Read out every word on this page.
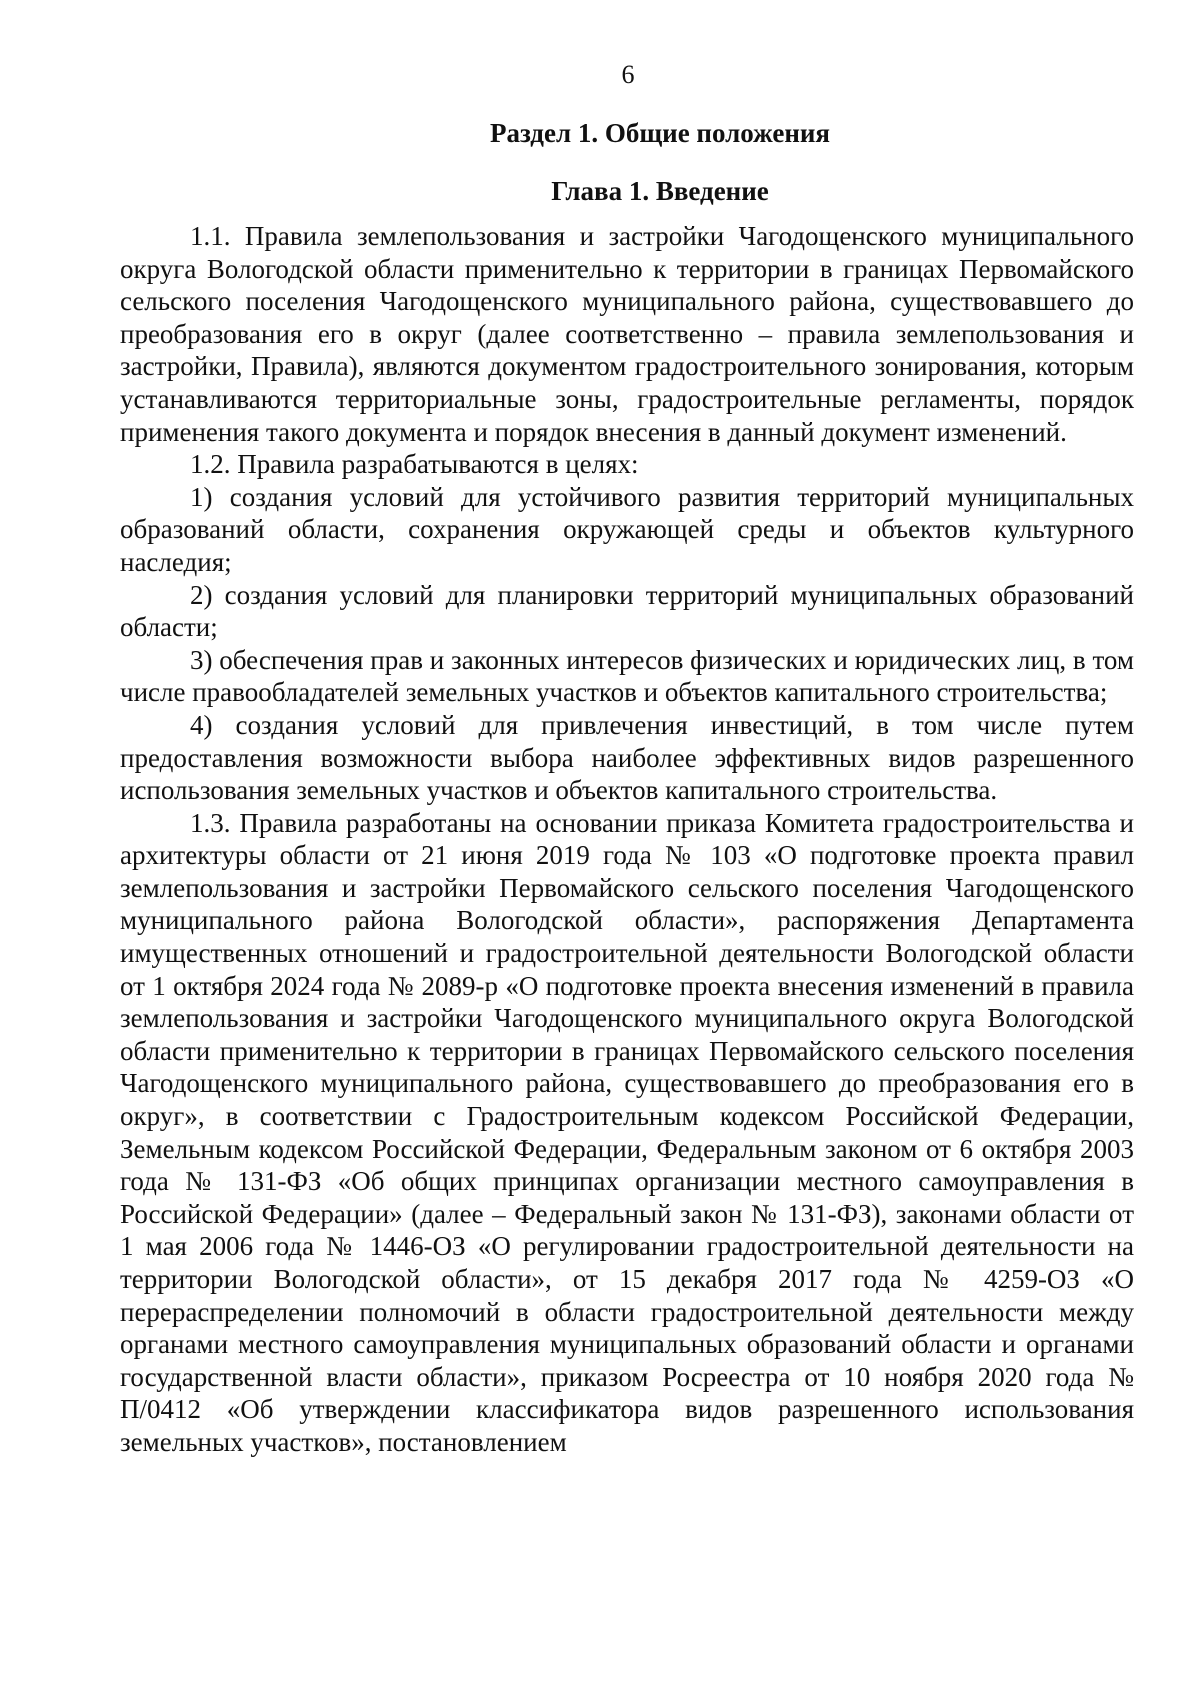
6
Раздел 1. Общие положения
Глава 1. Введение

1.1. Правила землепользования и застройки Чагодощенского муниципального округа Вологодской области применительно к территории в границах Первомайского сельского поселения Чагодощенского муниципального района, существовавшего до преобразования его в округ (далее соответственно – правила землепользования и застройки, Правила), являются документом градостроительного зонирования, которым устанавливаются территориальные зоны, градостроительные регламенты, порядок применения такого документа и порядок внесения в данный документ изменений.

1.2. Правила разрабатываются в целях:

1) создания условий для устойчивого развития территорий муниципальных образований области, сохранения окружающей среды и объектов культурного наследия;

2) создания условий для планировки территорий муниципальных образований области;

3) обеспечения прав и законных интересов физических и юридических лиц, в том числе правообладателей земельных участков и объектов капитального строительства;

4) создания условий для привлечения инвестиций, в том числе путем предоставления возможности выбора наиболее эффективных видов разрешенного использования земельных участков и объектов капитального строительства.

1.3. Правила разработаны на основании приказа Комитета градостроительства и архитектуры области от 21 июня 2019 года № 103 «О подготовке проекта правил землепользования и застройки Первомайского сельского поселения Чагодощенского муниципального района Вологодской области», распоряжения Департамента имущественных отношений и градостроительной деятельности Вологодской области от 1 октября 2024 года № 2089-р «О подготовке проекта внесения изменений в правила землепользования и застройки Чагодощенского муниципального округа Вологодской области применительно к территории в границах Первомайского сельского поселения Чагодощенского муниципального района, существовавшего до преобразования его в округ», в соответствии с Градостроительным кодексом Российской Федерации, Земельным кодексом Российской Федерации, Федеральным законом от 6 октября 2003 года № 131-ФЗ «Об общих принципах организации местного самоуправления в Российской Федерации» (далее – Федеральный закон № 131-ФЗ), законами области от 1 мая 2006 года № 1446-ОЗ «О регулировании градостроительной деятельности на территории Вологодской области», от 15 декабря 2017 года № 4259-ОЗ «О перераспределении полномочий в области градостроительной деятельности между органами местного самоуправления муниципальных образований области и органами государственной власти области», приказом Росреестра от 10 ноября 2020 года № П/0412 «Об утверждении классификатора видов разрешенного использования земельных участков», постановлением
